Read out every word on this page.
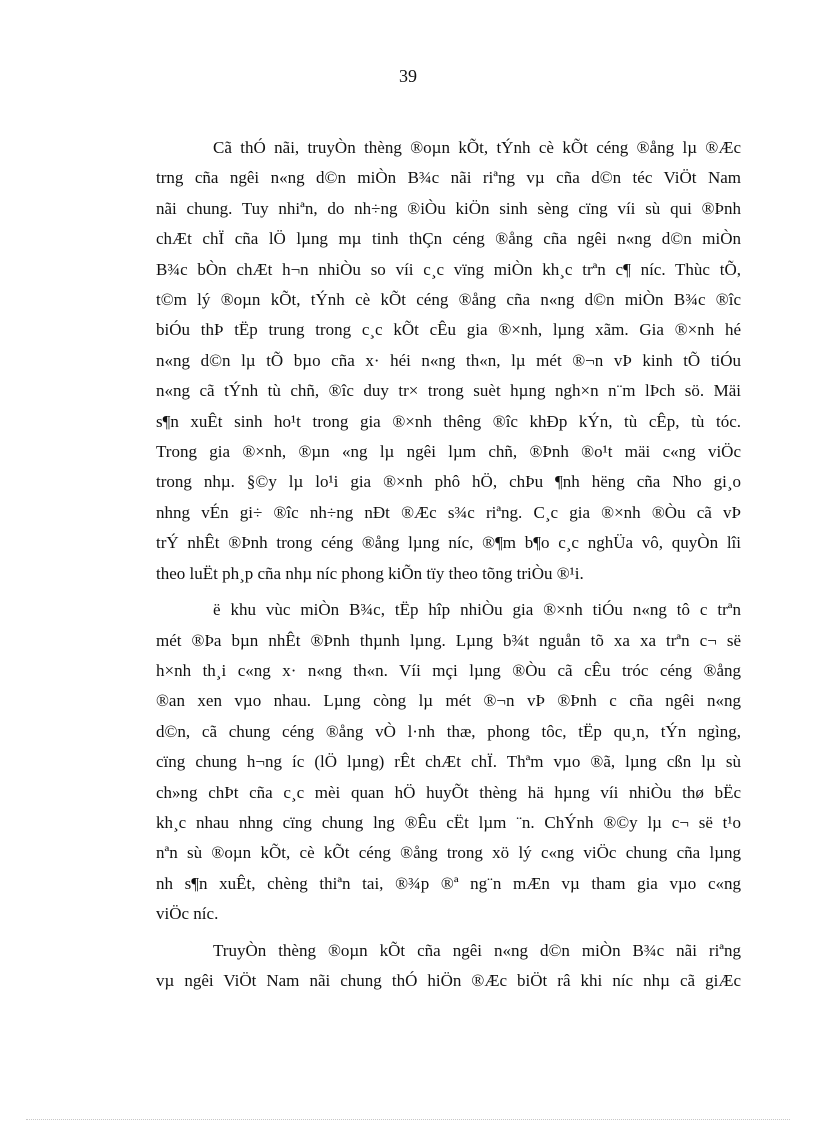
39

Cã thÓ nãi, truyÒn thèng ®oµn kÕt, tÝnh cè kÕt céng ®ång lµ ®Æc
trng cña ngêi n«ng d©n miÒn B¾c nãi riªng vµ cña d©n téc ViÖt Nam
nãi chung. Tuy nhiªn, do nh÷ng ®iÒu kiÖn sinh sèng cïng víi sù qui ®Þnh
chÆt chÏ cña lÖ lµng mµ tinh thÇn céng ®ång cña ngêi n«ng d©n miÒn
B¾c bÒn chÆt h¬n nhiÒu so víi c¸c vïng miÒn kh¸c trªn c¶ níc. Thùc tÕ,
t©m lý ®oµn kÕt, tÝnh cè kÕt céng ®ång cña n«ng d©n miÒn B¾c ®îc
biÓu thÞ tËp trung trong c¸c kÕt cÊu gia ®×nh, lµng xãm. Gia ®×nh hé
n«ng d©n lµ tÕ bµo cña x· héi n«ng th«n, lµ mét ®¬n vÞ kinh tÕ tiÓu
n«ng cã tÝnh tù chñ, ®îc duy tr× trong suèt hµng ngh×n n¨m lÞch sö. Mäi
s¶n xuÊt sinh ho¹t trong gia ®×nh thêng ®îc khÐp kÝn, tù cÊp, tù tóc.
Trong gia ®×nh, ®µn «ng lµ ngêi lµm chñ, ®Þnh ®o¹t mäi c«ng viÖc
trong nhµ. §©y lµ lo¹i gia ®×nh phô hÖ, chÞu ¶nh hëng cña Nho gi¸o
nhng vÉn gi÷ ®îc nh÷ng nÐt ®Æc s¾c riªng. C¸c gia ®×nh ®Òu cã vÞ
trÝ nhÊt ®Þnh trong céng ®ång lµng níc, ®¶m b¶o c¸c nghÜa vô, quyÒn lîi
theo luËt ph¸p cña nhµ níc phong kiÕn tïy theo tõng triÒu ®¹i.

ë khu vùc miÒn B¾c, tËp hîp nhiÒu gia ®×nh tiÓu n«ng tô c trªn
mét ®Þa bµn nhÊt ®Þnh thµnh lµng. Lµng b¾t nguån tõ xa xa trªn c¬ së
h×nh th¸i c«ng x· n«ng th«n. Víi mçi lµng ®Òu cã cÊu tróc céng ®ång
®an xen vµo nhau. Lµng còng lµ mét ®¬n vÞ ®Þnh c cña ngêi n«ng
d©n, cã chung céng ®ång vÒ l·nh thæ, phong tôc, tËp qu¸n, tÝn ngìng,
cïng chung h¬ng íc (lÖ lµng) rÊt chÆt chÏ. Thªm vµo ®ã, lµng cßn lµ sù
ch»ng chÞt cña c¸c mèi quan hÖ huyÕt thèng hä hµng víi nhiÒu thø bËc
kh¸c nhau nhng cïng chung lng ®Êu cËt lµm ¨n. ChÝnh ®©y lµ c¬ së t¹o
nªn sù ®oµn kÕt, cè kÕt céng ®ång trong xö lý c«ng viÖc chung cña lµng
nh s¶n xuÊt, chèng thiªn tai, ®¾p ®ª ng¨n mÆn vµ tham gia vµo c«ng
viÖc níc.

TruyÒn thèng ®oµn kÕt cña ngêi n«ng d©n miÒn B¾c nãi riªng
vµ ngêi ViÖt Nam nãi chung thÓ hiÖn ®Æc biÖt râ khi níc nhµ cã giÆc
